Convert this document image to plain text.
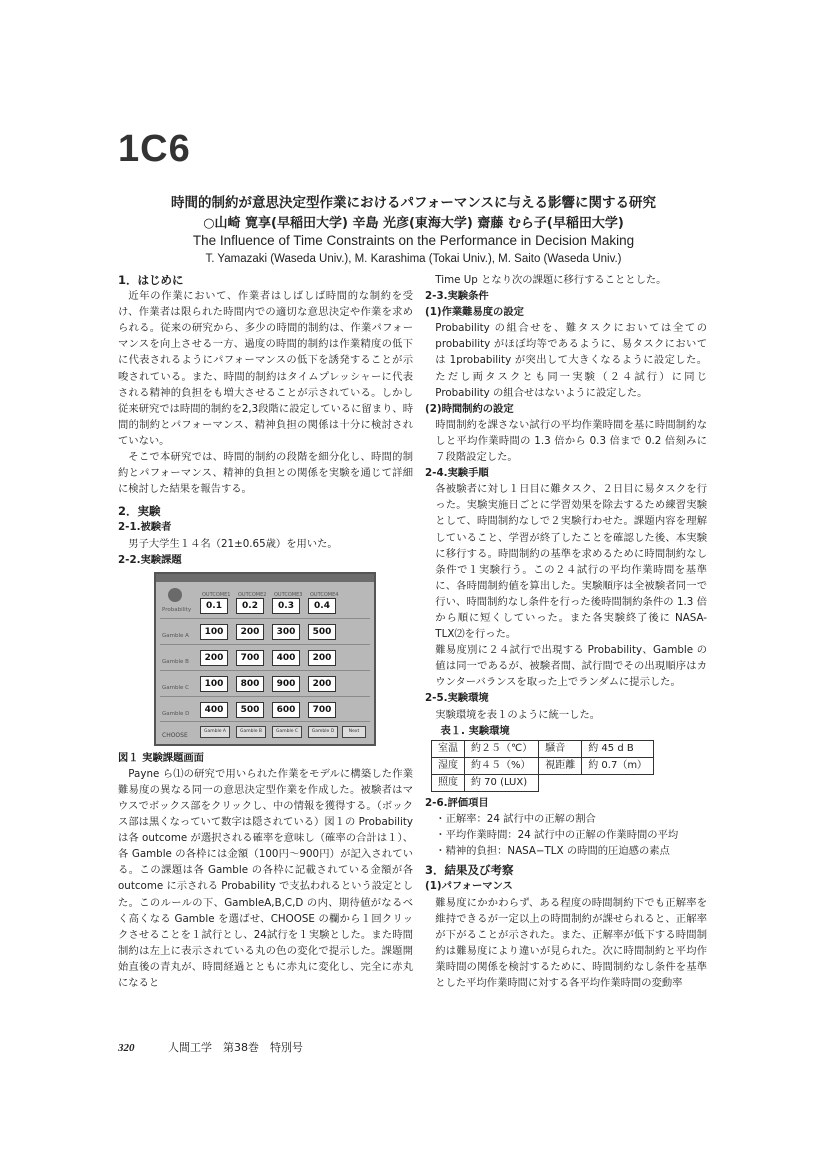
1C6
時間的制約が意思決定型作業におけるパフォーマンスに与える影響に関する研究
○山崎 寛享(早稲田大学) 辛島 光彦(東海大学) 齋藤 むら子(早稲田大学)
The Influence of Time Constraints on the Performance in Decision Making
T. Yamazaki (Waseda Univ.), M. Karashima (Tokai Univ.), M. Saito (Waseda Univ.)

1．はじめに

近年の作業において、作業者はしばしば時間的な制約を受け、作業者は限られた時間内での適切な意思決定や作業を求められる。従来の研究から、多少の時間的制約は、作業パフォーマンスを向上させる一方、過度の時間的制約は作業精度の低下に代表されるようにパフォーマンスの低下を誘発することが示唆されている。また、時間的制約はタイムプレッシャーに代表される精神的負担をも増大させることが示されている。しかし従来研究では時間的制約を2,3段階に設定しているに留まり、時間的制約とパフォーマンス、精神負担の関係は十分に検討されていない。

そこで本研究では、時間的制約の段階を細分化し、時間的制約とパフォーマンス、精神的負担との関係を実験を通じて詳細に検討した結果を報告する。

2．実験

2-1.被験者

男子大学生１４名（21±0.65歳）を用いた。

2-2.実験課題

OUTCOME1 OUTCOME2 OUTCOME3 OUTCOME4
Probability	0.1	0.2	0.3	0.4
Gamble A	100	200	300	500
Gamble B	200	700	400	200
Gamble C	100	800	900	200
Gamble D	400	500	600	700
CHOOSE
Gamble A	Gamble B	Gamble C	Gamble D	Next

図１ 実験課題画面

Payne ら⑴の研究で用いられた作業をモデルに構築した作業難易度の異なる同一の意思決定型作業を作成した。被験者はマウスでボックス部をクリックし、中の情報を獲得する。（ボックス部は黒くなっていて数字は隠されている）図１の Probability は各 outcome が選択される確率を意味し（確率の合計は１）、各 Gamble の各枠には金額（100円〜900円）が記入されている。この課題は各 Gamble の各枠に記載されている金額が各 outcome に示される Probability で支払われるという設定とした。このルールの下、GambleA,B,C,D の内、期待値がなるべく高くなる Gamble を選ばせ、CHOOSE の欄から１回クリックさせることを１試行とし、24試行を１実験とした。また時間制約は左上に表示されている丸の色の変化で提示した。課題開始直後の青丸が、時間経過とともに赤丸に変化し、完全に赤丸になると

Time Up となり次の課題に移行することとした。

2-3.実験条件

(1)作業難易度の設定

Probability の組合せを、難タスクにおいては全ての probability がほぼ均等であるように、易タスクにおいては 1probability が突出して大きくなるように設定した。ただし両タスクとも同一実験（２４試行）に同じ Probability の組合せはないように設定した。

(2)時間制約の設定

時間制約を課さない試行の平均作業時間を基に時間制約なしと平均作業時間の 1.3 倍から 0.3 倍まで 0.2 倍刻みに７段階設定した。

2-4.実験手順

各被験者に対し１日目に難タスク、２日目に易タスクを行った。実験実施日ごとに学習効果を除去するため練習実験として、時間制約なしで２実験行わせた。課題内容を理解していること、学習が終了したことを確認した後、本実験に移行する。時間制約の基準を求めるために時間制約なし条件で１実験行う。この２４試行の平均作業時間を基準に、各時間制約値を算出した。実験順序は全被験者同一で行い、時間制約なし条件を行った後時間制約条件の 1.3 倍から順に短くしていった。また各実験終了後に NASA-TLX⑵を行った。

難易度別に２４試行で出現する Probability、Gamble の値は同一であるが、被験者間、試行間でその出現順序はカウンターバランスを取った上でランダムに提示した。

2-5.実験環境

実験環境を表１のように統一した。

表１. 実験環境

室温	約２５（℃）	騒音	約 45 d B
湿度	約４５（%）	視距離	約 0.7（m）
照度	約 70 (LUX)		

2-6.評価項目

・正解率：24 試行中の正解の割合

・平均作業時間：24 試行中の正解の作業時間の平均

・精神的負担：NASA−TLX の時間的圧迫感の素点

3．結果及び考察

(1)パフォーマンス

難易度にかかわらず、ある程度の時間制約下でも正解率を維持できるが一定以上の時間制約が課せられると、正解率が下がることが示された。また、正解率が低下する時間制約は難易度により違いが見られた。次に時間制約と平均作業時間の関係を検討するために、時間制約なし条件を基準とした平均作業時間に対する各平均作業時間の変動率

320	人間工学　第38巻　特別号
